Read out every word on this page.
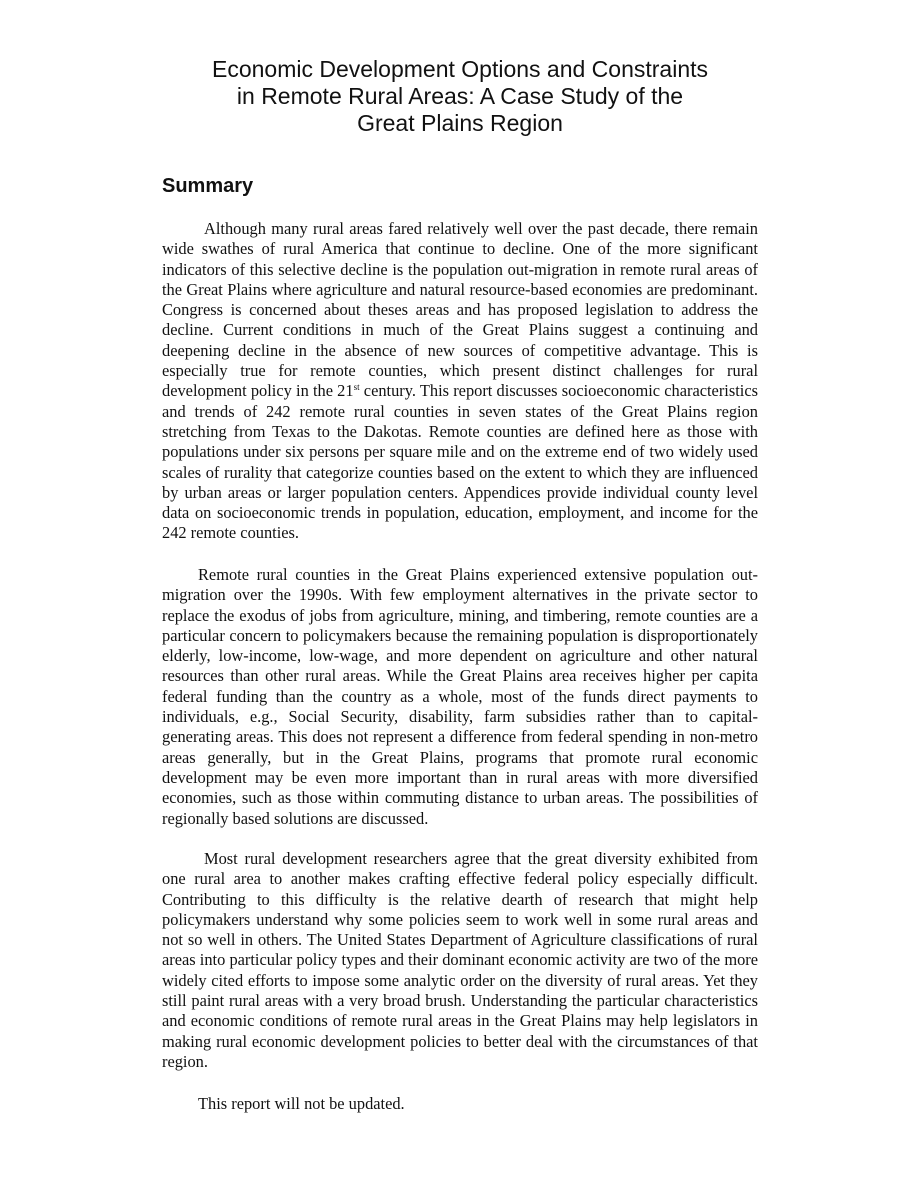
Economic Development Options and Constraints
in Remote Rural Areas: A Case Study of the
Great Plains Region
Summary

Although many rural areas fared relatively well over the past decade, there remain wide swathes of rural America that continue to decline. One of the more significant indicators of this selective decline is the population out-migration in remote rural areas of the Great Plains where agriculture and natural resource-based economies are predominant. Congress is concerned about theses areas and has proposed legislation to address the decline. Current conditions in much of the Great Plains suggest a continuing and deepening decline in the absence of new sources of competitive advantage. This is especially true for remote counties, which present distinct challenges for rural development policy in the 21st century. This report discusses socioeconomic characteristics and trends of 242 remote rural counties in seven states of the Great Plains region stretching from Texas to the Dakotas. Remote counties are defined here as those with populations under six persons per square mile and on the extreme end of two widely used scales of rurality that categorize counties based on the extent to which they are influenced by urban areas or larger population centers. Appendices provide individual county level data on socioeconomic trends in population, education, employment, and income for the 242 remote counties.

Remote rural counties in the Great Plains experienced extensive population out-migration over the 1990s. With few employment alternatives in the private sector to replace the exodus of jobs from agriculture, mining, and timbering, remote counties are a particular concern to policymakers because the remaining population is disproportionately elderly, low-income, low-wage, and more dependent on agriculture and other natural resources than other rural areas. While the Great Plains area receives higher per capita federal funding than the country as a whole, most of the funds direct payments to individuals, e.g., Social Security, disability, farm subsidies rather than to capital-generating areas. This does not represent a difference from federal spending in non-metro areas generally, but in the Great Plains, programs that promote rural economic development may be even more important than in rural areas with more diversified economies, such as those within commuting distance to urban areas. The possibilities of regionally based solutions are discussed.

Most rural development researchers agree that the great diversity exhibited from one rural area to another makes crafting effective federal policy especially difficult. Contributing to this difficulty is the relative dearth of research that might help policymakers understand why some policies seem to work well in some rural areas and not so well in others. The United States Department of Agriculture classifications of rural areas into particular policy types and their dominant economic activity are two of the more widely cited efforts to impose some analytic order on the diversity of rural areas. Yet they still paint rural areas with a very broad brush. Understanding the particular characteristics and economic conditions of remote rural areas in the Great Plains may help legislators in making rural economic development policies to better deal with the circumstances of that region.

This report will not be updated.
